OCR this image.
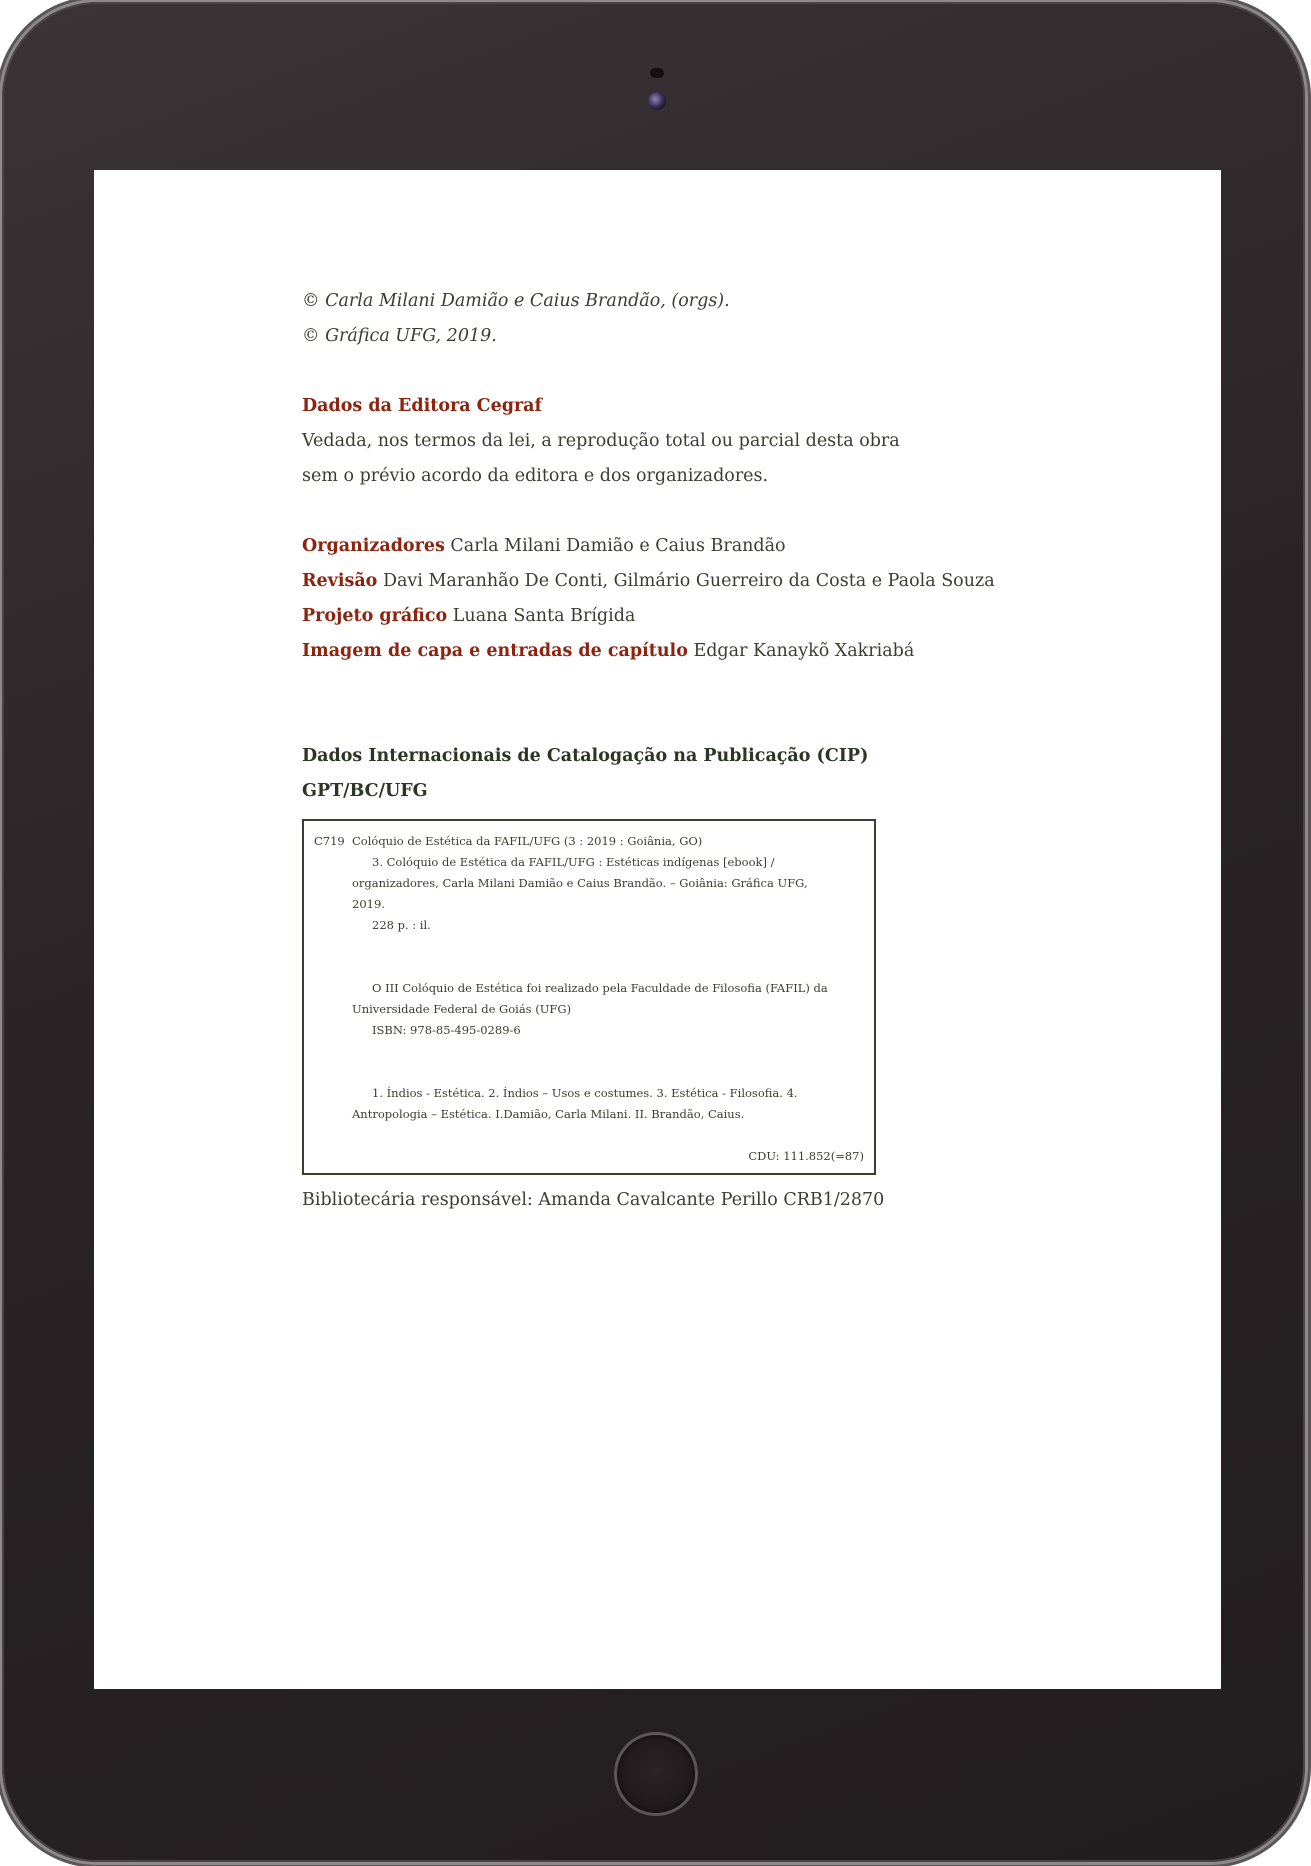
© Carla Milani Damião e Caius Brandão, (orgs).
© Gráfica UFG, 2019.
Dados da Editora Cegraf
Vedada, nos termos da lei, a reprodução total ou parcial desta obra
sem o prévio acordo da editora e dos organizadores.
Organizadores Carla Milani Damião e Caius Brandão
Revisão Davi Maranhão De Conti, Gilmário Guerreiro da Costa e Paola Souza
Projeto gráfico Luana Santa Brígida
Imagem de capa e entradas de capítulo Edgar Kanaykõ Xakriabá
Dados Internacionais de Catalogação na Publicação (CIP)
GPT/BC/UFG
C719 Colóquio de Estética da FAFIL/UFG (3 : 2019 : Goiânia, GO)
3. Colóquio de Estética da FAFIL/UFG : Estéticas indígenas [ebook] /
organizadores, Carla Milani Damião e Caius Brandão. – Goiânia: Gráfica UFG,
2019.
228 p. : il.
O III Colóquio de Estética foi realizado pela Faculdade de Filosofia (FAFIL) da
Universidade Federal de Goiás (UFG)
ISBN: 978-85-495-0289-6
1. Índios - Estética. 2. Índios – Usos e costumes. 3. Estética - Filosofia. 4.
Antropologia – Estética. I.Damião, Carla Milani. II. Brandão, Caius.
CDU: 111.852(=87)
Bibliotecária responsável: Amanda Cavalcante Perillo CRB1/2870
